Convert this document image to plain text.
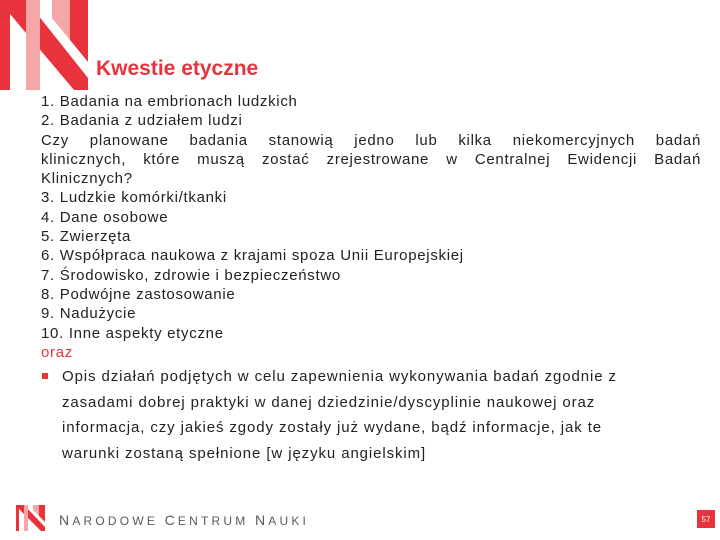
Kwestie etyczne
1. Badania na embrionach ludzkich
2. Badania z udziałem ludzi
Czy planowane badania stanowią jedno lub kilka niekomercyjnych badań
klinicznych, które muszą zostać zrejestrowane w Centralnej Ewidencji Badań
Klinicznych?
3. Ludzkie komórki/tkanki
4. Dane osobowe
5. Zwierzęta
6. Współpraca naukowa z krajami spoza Unii Europejskiej
7. Środowisko, zdrowie i bezpieczeństwo
8. Podwójne zastosowanie
9. Nadużycie
10. Inne aspekty etyczne
oraz
Opis działań podjętych w celu zapewnienia wykonywania badań zgodnie z
zasadami dobrej praktyki w danej dziedzinie/dyscyplinie naukowej oraz
informacja, czy jakieś zgody zostały już wydane, bądź informacje, jak te
warunki zostaną spełnione [w języku angielskim]
NARODOWE CENTRUM NAUKI	57
